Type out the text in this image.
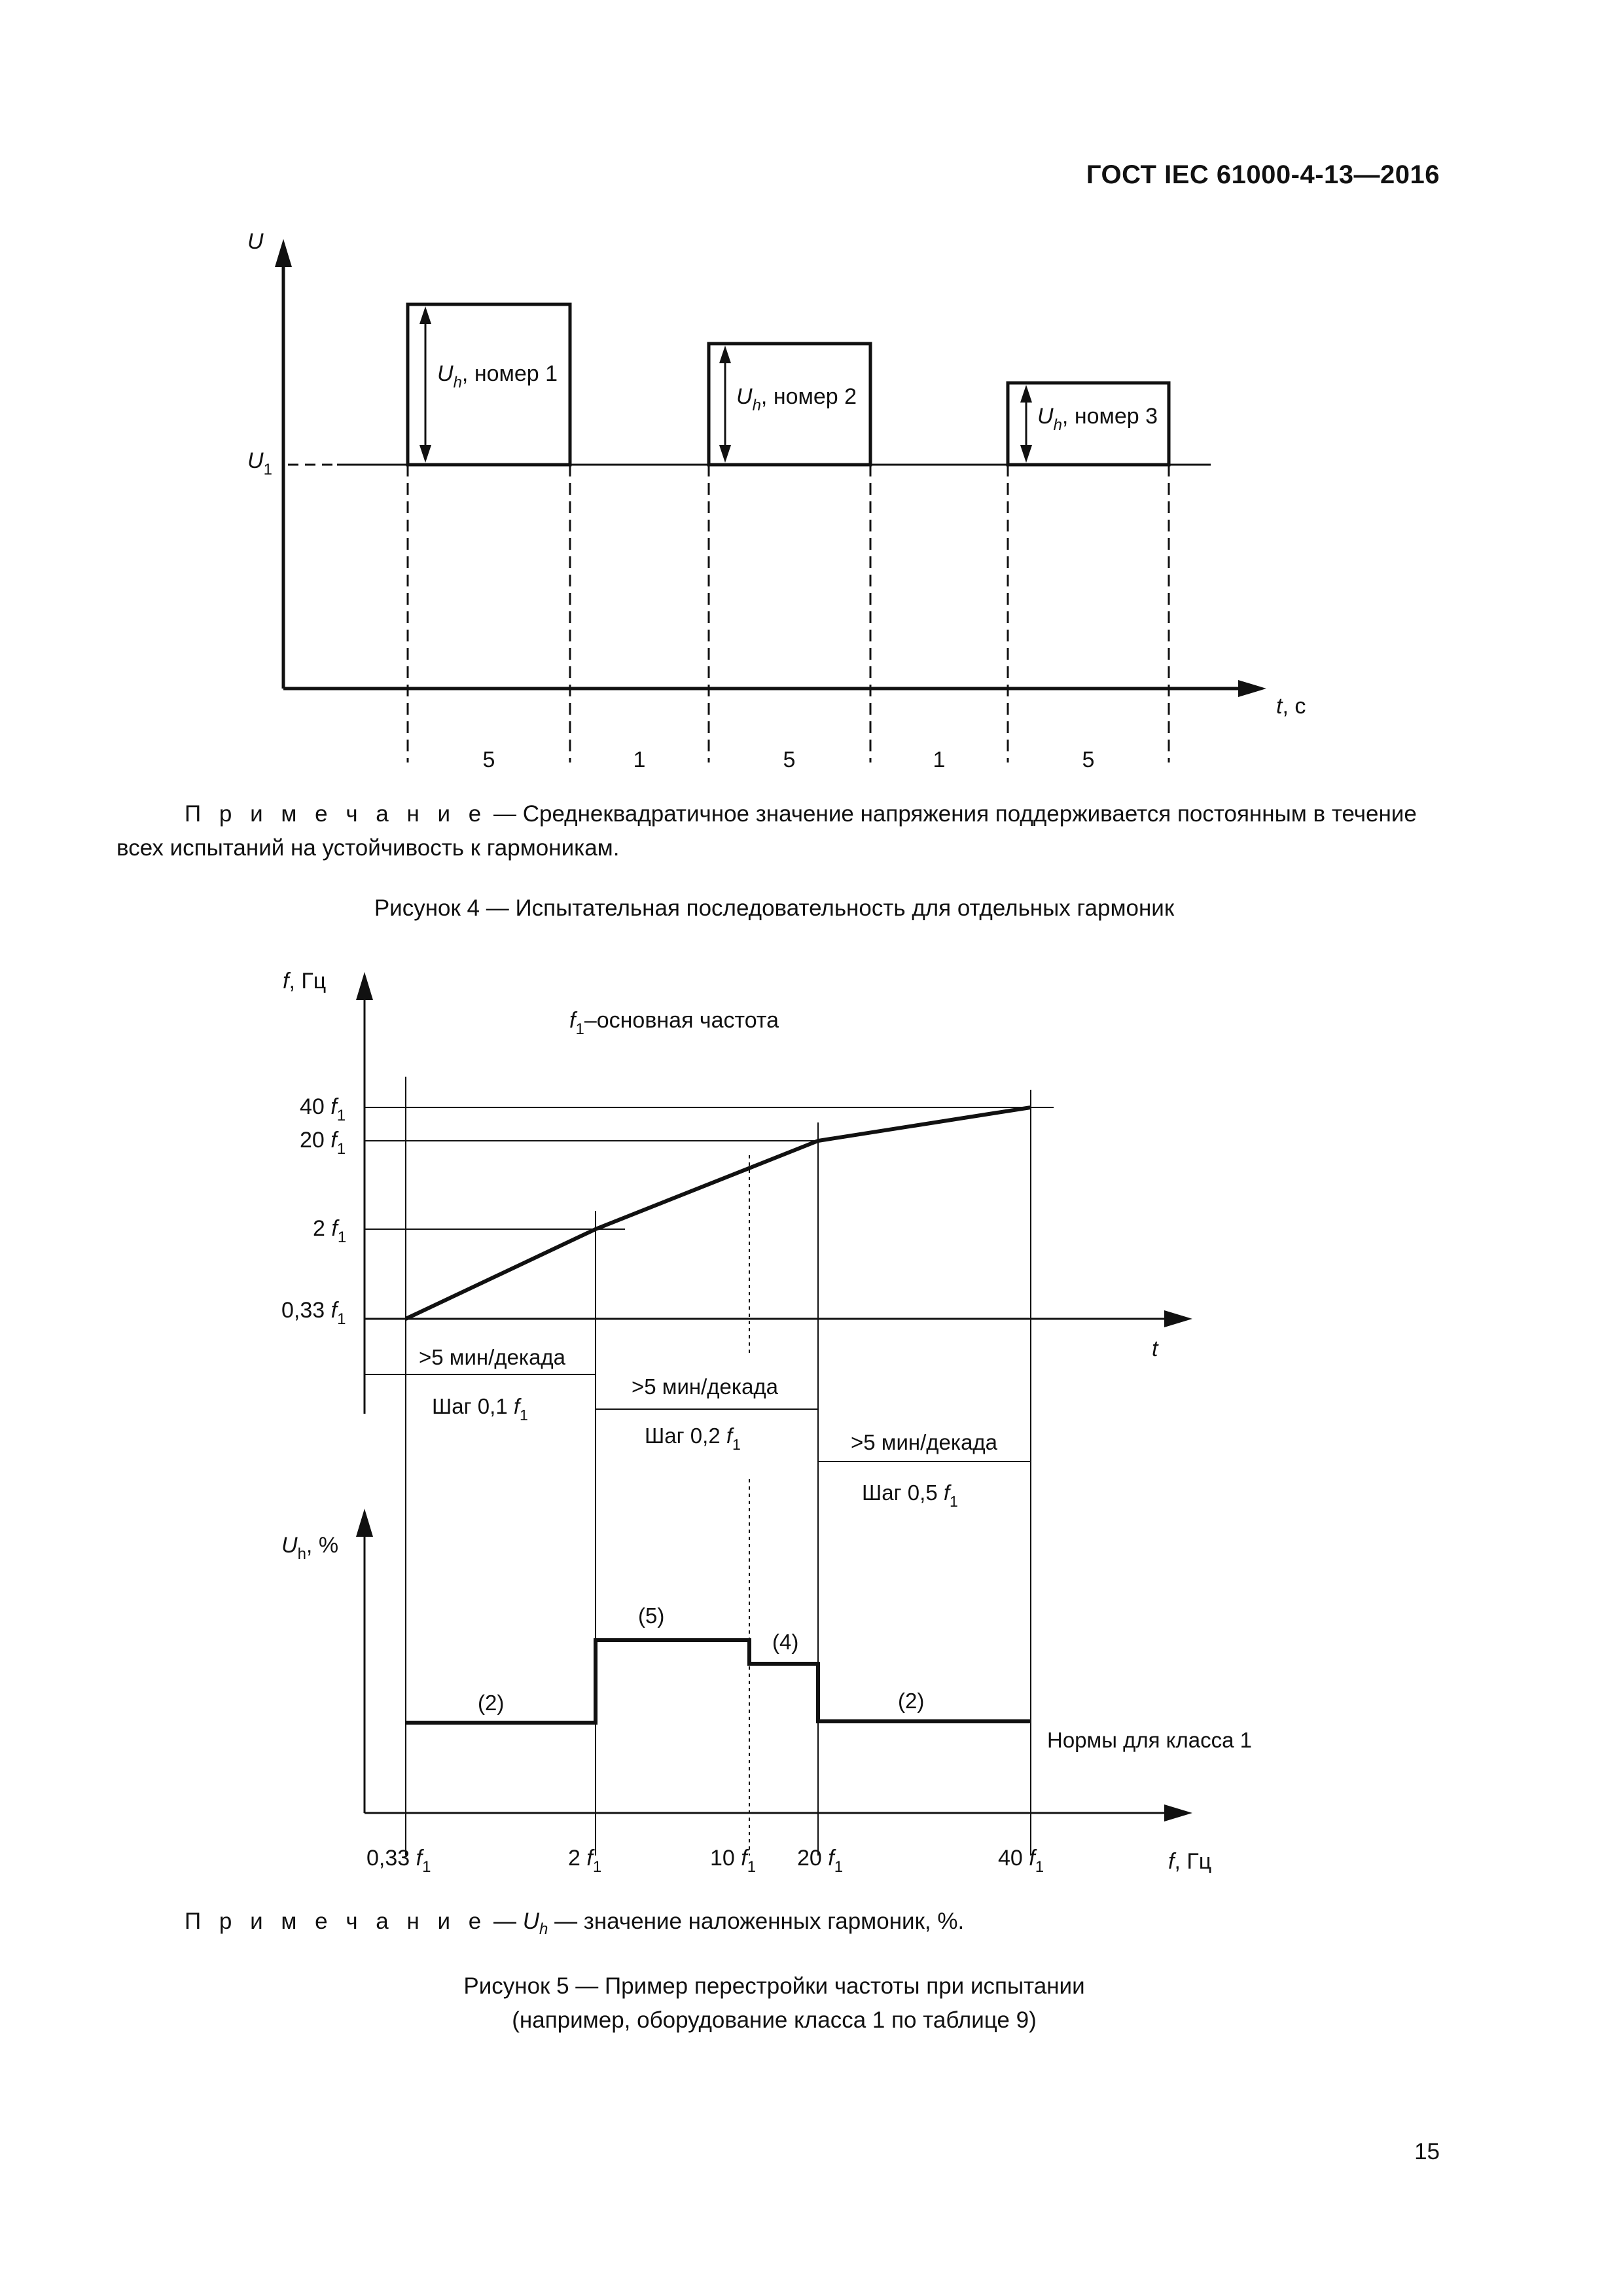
ГОСТ IEC 61000-4-13—2016
U
t, с
$U_1$
$U_h$, номер 1
$U_h$, номер 2
$U_h$, номер 3
5	1	5	1	5
П р и м е ч а н и е — Среднеквадратичное значение напряжения поддерживается постоянным в течение всех испытаний на устойчивость к гармоникам.
Рисунок 4 — Испытательная последовательность для отдельных гармоник
f, Гц
t
$f_1$–основная частота
40 $f_1$
20 $f_1$
2 $f_1$
0,33 $f_1$
>5 мин/декада
Шаг 0,1 $f_1$
>5 мин/декада
Шаг 0,2 $f_1$	>5 мин/декада
Шаг 0,5 $f_1$
$U_h$, %
(2)
(5)
(4)
(2)
Нормы для класса 1
0,33 $f_1$	2 $f_1$	10 $f_1$ 20 $f_1$	40 $f_1$	f, Гц
П р и м е ч а н и е — $U_h$ — значение наложенных гармоник, %.
Рисунок 5 — Пример перестройки частоты при испытании
(например, оборудование класса 1 по таблице 9)
15
